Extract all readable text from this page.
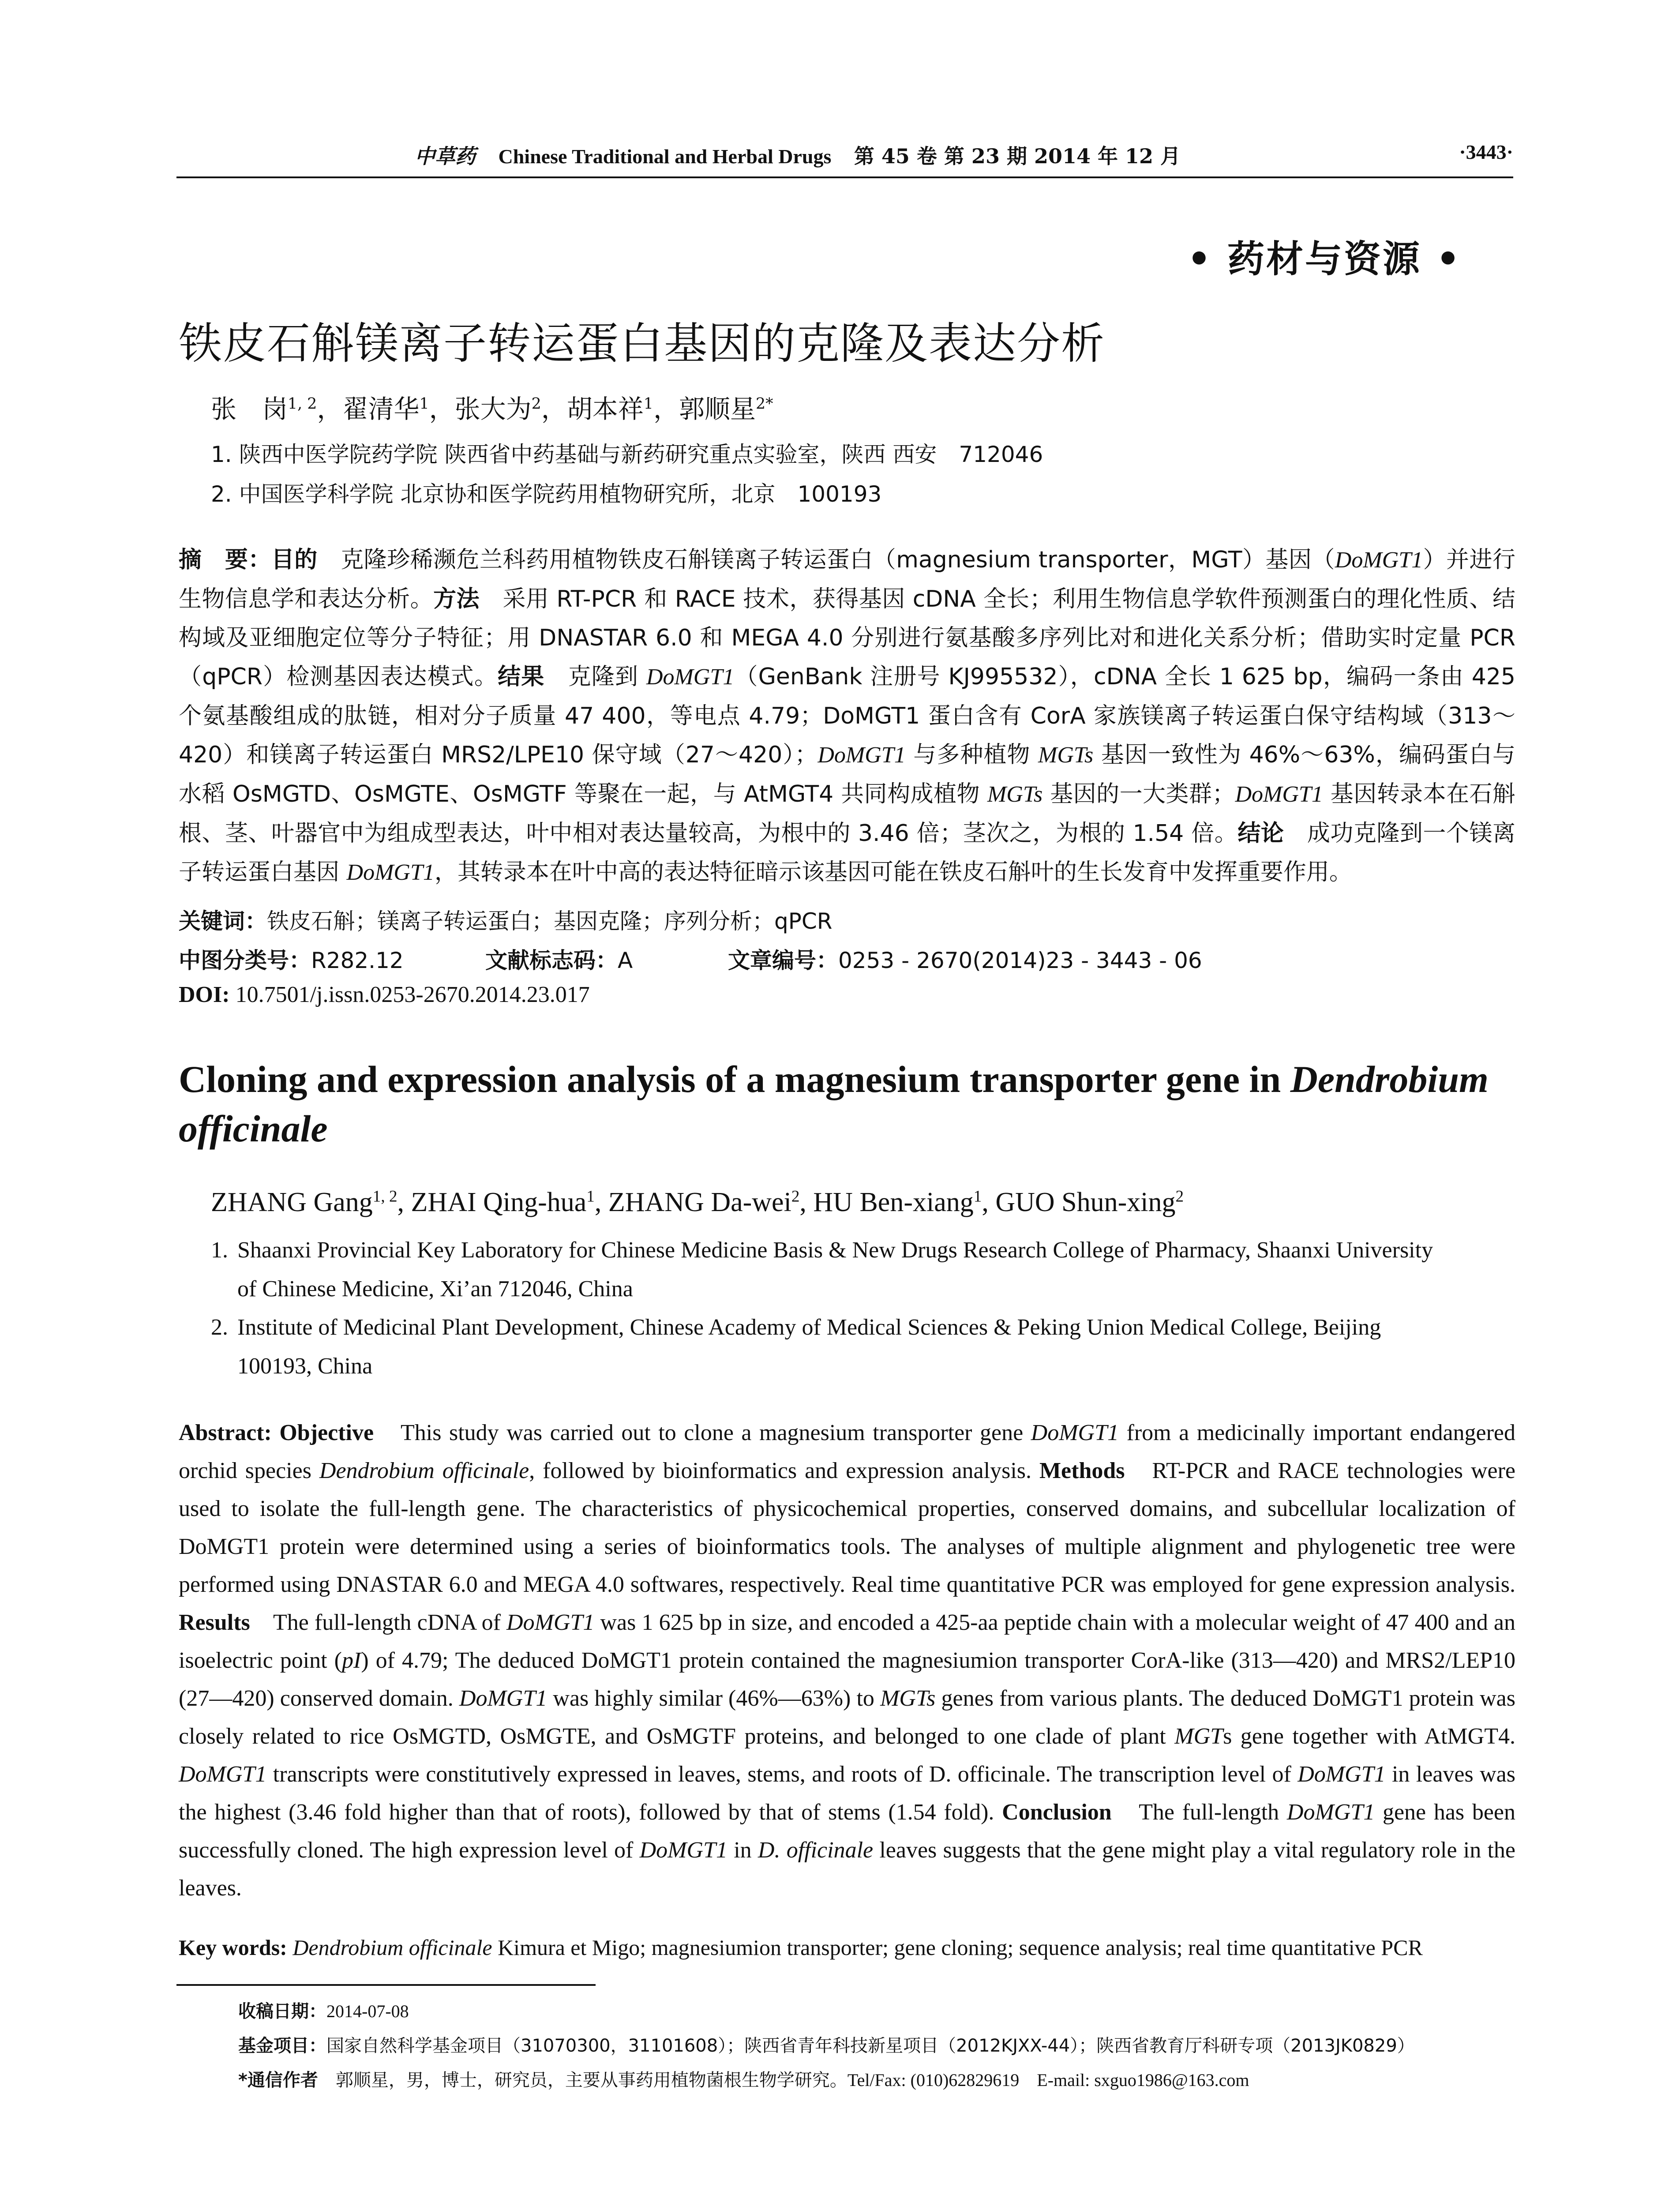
中草药 Chinese Traditional and Herbal Drugs 第 45 卷 第 23 期 2014 年 12 月	·3443·
• 药材与资源 •
铁皮石斛镁离子转运蛋白基因的克隆及表达分析
张　岗$^{1, 2}$，翟清华$^1$，张大为$^2$，胡本祥$^1$，郭顺星$^{2*}$
1. 陕西中医学院药学院 陕西省中药基础与新药研究重点实验室，陕西 西安　712046
2. 中国医学科学院 北京协和医学院药用植物研究所，北京　100193
摘　要：目的　克隆珍稀濒危兰科药用植物铁皮石斛镁离子转运蛋白（magnesium transporter，MGT）基因（DoMGT1）并进行生物信息学和表达分析。方法　采用 RT-PCR 和 RACE 技术，获得基因 cDNA 全长；利用生物信息学软件预测蛋白的理化性质、结构域及亚细胞定位等分子特征；用 DNASTAR 6.0 和 MEGA 4.0 分别进行氨基酸多序列比对和进化关系分析；借助实时定量 PCR（qPCR）检测基因表达模式。结果　克隆到 DoMGT1（GenBank 注册号 KJ995532），cDNA 全长 1 625 bp，编码一条由 425 个氨基酸组成的肽链，相对分子质量 47 400，等电点 4.79；DoMGT1 蛋白含有 CorA 家族镁离子转运蛋白保守结构域（313～420）和镁离子转运蛋白 MRS2/LPE10 保守域（27～420）；DoMGT1 与多种植物 MGTs 基因一致性为 46%～63%，编码蛋白与水稻 OsMGTD、OsMGTE、OsMGTF 等聚在一起，与 AtMGT4 共同构成植物 MGTs 基因的一大类群；DoMGT1 基因转录本在石斛根、茎、叶器官中为组成型表达，叶中相对表达量较高，为根中的 3.46 倍；茎次之，为根的 1.54 倍。结论　成功克隆到一个镁离子转运蛋白基因 DoMGT1，其转录本在叶中高的表达特征暗示该基因可能在铁皮石斛叶的生长发育中发挥重要作用。
关键词：铁皮石斛；镁离子转运蛋白；基因克隆；序列分析；qPCR
中图分类号：R282.12	文献标志码：A	文章编号：0253 - 2670(2014)23 - 3443 - 06
DOI: 10.7501/j.issn.0253-2670.2014.23.017
Cloning and expression analysis of a magnesium transporter gene in Dendrobium officinale
ZHANG Gang$^{1, 2}$, ZHAI Qing-hua$^1$, ZHANG Da-wei$^2$, HU Ben-xiang$^1$, GUO Shun-xing$^2$
1. Shaanxi Provincial Key Laboratory for Chinese Medicine Basis & New Drugs Research College of Pharmacy, Shaanxi University
of Chinese Medicine, Xi’an 712046, China
2. Institute of Medicinal Plant Development, Chinese Academy of Medical Sciences & Peking Union Medical College, Beijing
100193, China
Abstract: Objective　This study was carried out to clone a magnesium transporter gene DoMGT1 from a medicinally important endangered orchid species Dendrobium officinale, followed by bioinformatics and expression analysis. Methods　RT-PCR and RACE technologies were used to isolate the full-length gene. The characteristics of physicochemical properties, conserved domains, and subcellular localization of DoMGT1 protein were determined using a series of bioinformatics tools. The analyses of multiple alignment and phylogenetic tree were performed using DNASTAR 6.0 and MEGA 4.0 softwares, respectively. Real time quantitative PCR was employed for gene expression analysis. Results　The full-length cDNA of DoMGT1 was 1 625 bp in size, and encoded a 425-aa peptide chain with a molecular weight of 47 400 and an isoelectric point (pI) of 4.79; The deduced DoMGT1 protein contained the magnesiumion transporter CorA-like (313—420) and MRS2/LEP10 (27—420) conserved domain. DoMGT1 was highly similar (46%—63%) to MGTs genes from various plants. The deduced DoMGT1 protein was closely related to rice OsMGTD, OsMGTE, and OsMGTF proteins, and belonged to one clade of plant MGTs gene together with AtMGT4. DoMGT1 transcripts were constitutively expressed in leaves, stems, and roots of D. officinale. The transcription level of DoMGT1 in leaves was the highest (3.46 fold higher than that of roots), followed by that of stems (1.54 fold). Conclusion　The full-length DoMGT1 gene has been successfully cloned. The high expression level of DoMGT1 in D. officinale leaves suggests that the gene might play a vital regulatory role in the leaves.
Key words: Dendrobium officinale Kimura et Migo; magnesiumion transporter; gene cloning; sequence analysis; real time quantitative PCR
收稿日期：2014-07-08
基金项目：国家自然科学基金项目（31070300，31101608）；陕西省青年科技新星项目（2012KJXX-44）；陕西省教育厅科研专项（2013JK0829）
*通信作者　郭顺星，男，博士，研究员，主要从事药用植物菌根生物学研究。Tel/Fax: (010)62829619　E-mail: sxguo1986@163.com
